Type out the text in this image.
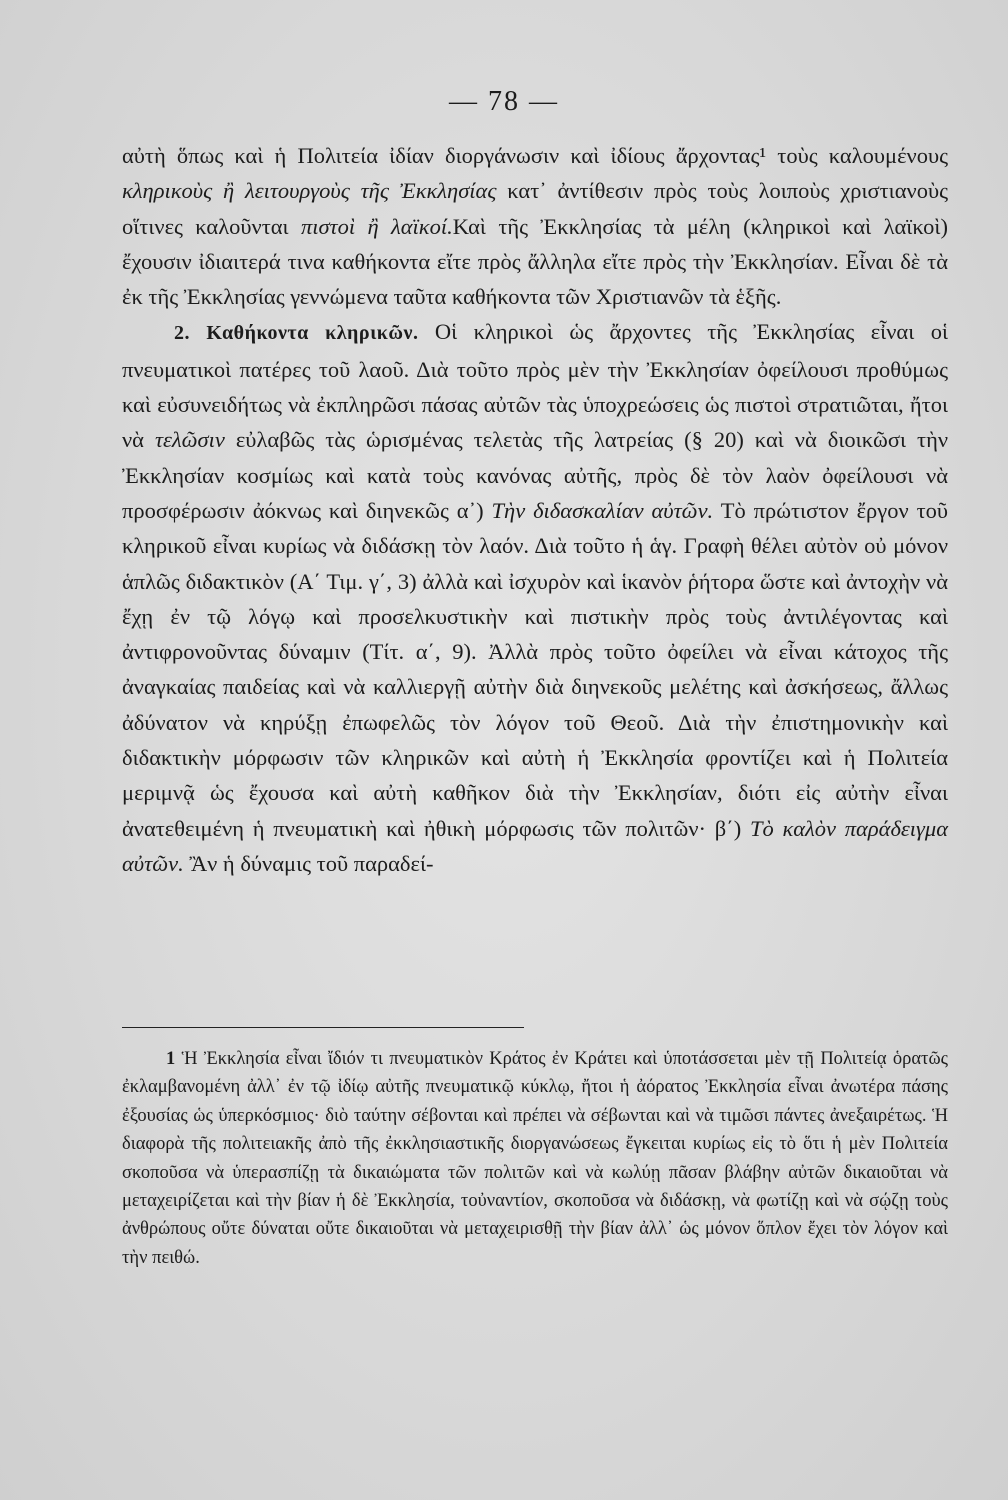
— 78 —

αὐτὴ ὅπως καὶ ἡ Πολιτεία ἰδίαν διοργάνωσιν καὶ ἰδίους ἄρχοντας¹ τοὺς καλουμένους κληρικοὺς ἢ λειτουργοὺς τῆς Ἐκκλησίας κατ᾽ ἀντίθεσιν πρὸς τοὺς λοιποὺς χριστιανοὺς οἵτινες καλοῦνται πιστοὶ ἢ λαϊκοί.Καὶ τῆς Ἐκκλησίας τὰ μέλη (κληρικοὶ καὶ λαϊκοὶ) ἔχουσιν ἰδιαιτερά τινα καθήκοντα εἴτε πρὸς ἄλληλα εἴτε πρὸς τὴν Ἐκκλησίαν. Εἶναι δὲ τὰ ἐκ τῆς Ἐκκλησίας γεννώμενα ταῦτα καθήκοντα τῶν Χριστιανῶν τὰ ἑξῆς.

2. Καθήκοντα κληρικῶν. Οἱ κληρικοὶ ὡς ἄρχοντες τῆς Ἐκκλησίας εἶναι οἱ πνευματικοὶ πατέρες τοῦ λαοῦ. Διὰ τοῦτο πρὸς μὲν τὴν Ἐκκλησίαν ὀφείλουσι προθύμως καὶ εὐσυνειδήτως νὰ ἐκπληρῶσι πάσας αὐτῶν τὰς ὑποχρεώσεις ὡς πιστοὶ στρατιῶται, ἤτοι νὰ τελῶσιν εὐλαβῶς τὰς ὡρισμένας τελετὰς τῆς λατρείας (§ 20) καὶ νὰ διοικῶσι τὴν Ἐκκλησίαν κοσμίως καὶ κατὰ τοὺς κανόνας αὐτῆς, πρὸς δὲ τὸν λαὸν ὀφείλουσι νὰ προσφέρωσιν ἀόκνως καὶ διηνεκῶς α᾽) Τὴν διδασκαλίαν αὐτῶν. Τὸ πρώτιστον ἔργον τοῦ κληρικοῦ εἶναι κυρίως νὰ διδάσκῃ τὸν λαόν. Διὰ τοῦτο ἡ ἁγ. Γραφὴ θέλει αὐτὸν οὐ μόνον ἁπλῶς διδακτικὸν (Α΄ Τιμ. γ΄, 3) ἀλλὰ καὶ ἰσχυρὸν καὶ ἱκανὸν ῥήτορα ὥστε καὶ ἀντοχὴν νὰ ἔχῃ ἐν τῷ λόγῳ καὶ προσελκυστικὴν καὶ πιστικὴν πρὸς τοὺς ἀντιλέγοντας καὶ ἀντιφρονοῦντας δύναμιν (Τίτ. α΄, 9). Ἀλλὰ πρὸς τοῦτο ὀφείλει νὰ εἶναι κάτοχος τῆς ἀναγκαίας παιδείας καὶ νὰ καλλιεργῇ αὐτὴν διὰ διηνεκοῦς μελέτης καὶ ἀσκήσεως, ἄλλως ἀδύνατον νὰ κηρύξῃ ἐπωφελῶς τὸν λόγον τοῦ Θεοῦ. Διὰ τὴν ἐπιστημονικὴν καὶ διδακτικὴν μόρφωσιν τῶν κληρικῶν καὶ αὐτὴ ἡ Ἐκκλησία φροντίζει καὶ ἡ Πολιτεία μεριμνᾷ ὡς ἔχουσα καὶ αὐτὴ καθῆκον διὰ τὴν Ἐκκλησίαν, διότι εἰς αὐτὴν εἶναι ἀνατεθειμένη ἡ πνευματικὴ καὶ ἠθικὴ μόρφωσις τῶν πολιτῶν· β΄) Τὸ καλὸν παράδειγμα αὐτῶν. Ἂν ἡ δύναμις τοῦ παραδεί-

1 Ἡ Ἐκκλησία εἶναι ἴδιόν τι πνευματικὸν Κράτος ἐν Κράτει καὶ ὑποτάσσεται μὲν τῇ Πολιτείᾳ ὁρατῶς ἐκλαμβανομένη ἀλλ᾽ ἐν τῷ ἰδίῳ αὐτῆς πνευματικῷ κύκλῳ, ἤτοι ἡ ἀόρατος Ἐκκλησία εἶναι ἀνωτέρα πάσης ἐξουσίας ὡς ὑπερκόσμιος· διὸ ταύτην σέβονται καὶ πρέπει νὰ σέβωνται καὶ νὰ τιμῶσι πάντες ἀνεξαιρέτως. Ἡ διαφορὰ τῆς πολιτειακῆς ἀπὸ τῆς ἐκκλησιαστικῆς διοργανώσεως ἔγκειται κυρίως εἰς τὸ ὅτι ἡ μὲν Πολιτεία σκοποῦσα νὰ ὑπερασπίζῃ τὰ δικαιώματα τῶν πολιτῶν καὶ νὰ κωλύῃ πᾶσαν βλάβην αὐτῶν δικαιοῦται νὰ μεταχειρίζεται καὶ τὴν βίαν ἡ δὲ Ἐκκλησία, τοὐναντίον, σκοποῦσα νὰ διδάσκῃ, νὰ φωτίζῃ καὶ νὰ σῴζῃ τοὺς ἀνθρώπους οὔτε δύναται οὔτε δικαιοῦται νὰ μεταχειρισθῇ τὴν βίαν ἀλλ᾽ ὡς μόνον ὅπλον ἔχει τὸν λόγον καὶ τὴν πειθώ.
